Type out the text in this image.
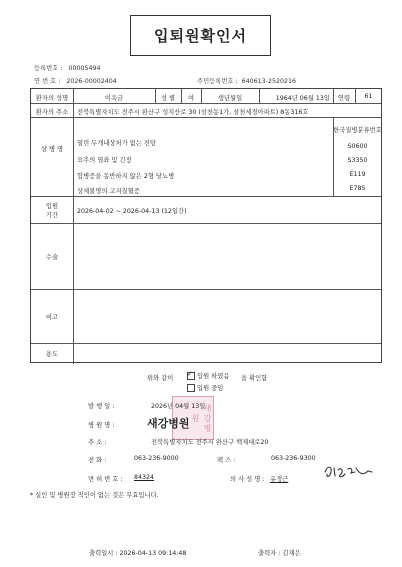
입퇴원확인서
등록번호 : 00005494
연 번 호 : 2026-00002404	주민등록번호 : 640613-2520216
환자의 성명	이옥금	성 별	여	생년월일	1964년 06월 13일	연령	61
환자의 주소	전북특별자치도 전주시 완산구 성지산로 30 (삼천동1가, 삼천세경아파트) 8동316호
상 병 명
한국질병분류번호
열린 두개내상처가 없는 진탕	S0600
요추의 염좌 및 긴장	S3350
합병증을 동반하지 않은 2형 당뇨병	E119
상세불명의 고지질혈증	E785
입원
기간
2026-04-02 ~ 2026-04-13 (12일간)
수술
비고
용도
위와 같이
✓	입원 하였음
입원 중임
을 확인함
새강병원
발 행 일 :	2026년 04월 13일
병 원 명 :	새강병원
주 소 :	전북특별자치도 전주시 완산구 백제대로20
전 화 :	063-236-9000	팩 스 :	063-236-9300
면 허 번 호 : 84324	의 사 성 명 : 유정근
* 실인 및 병원장 직인이 없는 것은 무효입니다.
출력일시 : 2026-04-13 09:14:48	출력자 : 김재은
